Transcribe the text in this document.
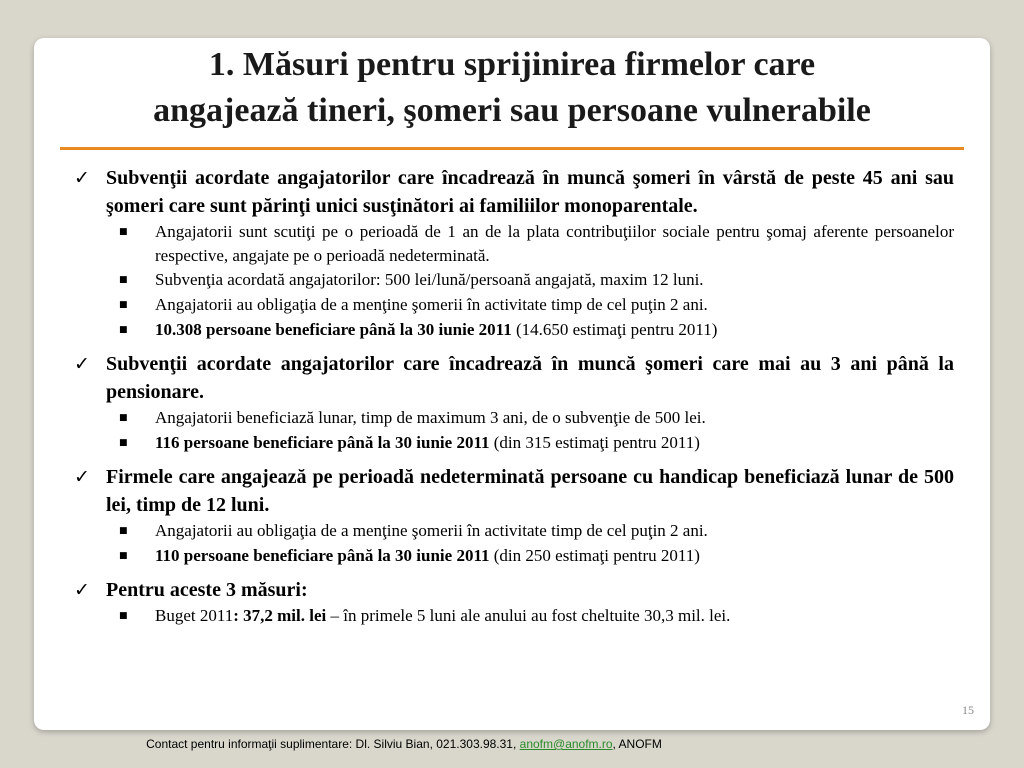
1. Măsuri pentru sprijinirea firmelor care
angajează tineri, şomeri sau persoane vulnerabile
✓ Subvenţii acordate angajatorilor care încadrează în muncă şomeri în vârstă de peste 45 ani sau şomeri care sunt părinţi unici susţinători ai familiilor monoparentale.
■	Angajatorii sunt scutiţi pe o perioadă de 1 an de la plata contribuţiilor sociale pentru şomaj aferente persoanelor respective, angajate pe o perioadă nedeterminată.
■	Subvenţia acordată angajatorilor: 500 lei/lună/persoană angajată, maxim 12 luni.
■	Angajatorii au obligaţia de a menţine şomerii în activitate timp de cel puţin 2 ani.
■	10.308 persoane beneficiare până la 30 iunie 2011 (14.650 estimaţi pentru 2011)
✓ Subvenţii acordate angajatorilor care încadrează în muncă şomeri care mai au 3 ani până la pensionare.
■	Angajatorii beneficiază lunar, timp de maximum 3 ani, de o subvenţie de 500 lei.
■	116 persoane beneficiare până la 30 iunie 2011 (din 315 estimaţi pentru 2011)
✓ Firmele care angajează pe perioadă nedeterminată persoane cu handicap beneficiază lunar de 500 lei, timp de 12 luni.
■	Angajatorii au obligaţia de a menţine şomerii în activitate timp de cel puţin 2 ani.
■	110 persoane beneficiare până la 30 iunie 2011 (din 250 estimaţi pentru 2011)
✓ Pentru aceste 3 măsuri:
■	Buget 2011: 37,2 mil. lei – în primele 5 luni ale anului au fost cheltuite 30,3 mil. lei.
15
Contact pentru informaţii suplimentare: Dl. Silviu Bian, 021.303.98.31, anofm@anofm.ro, ANOFM
